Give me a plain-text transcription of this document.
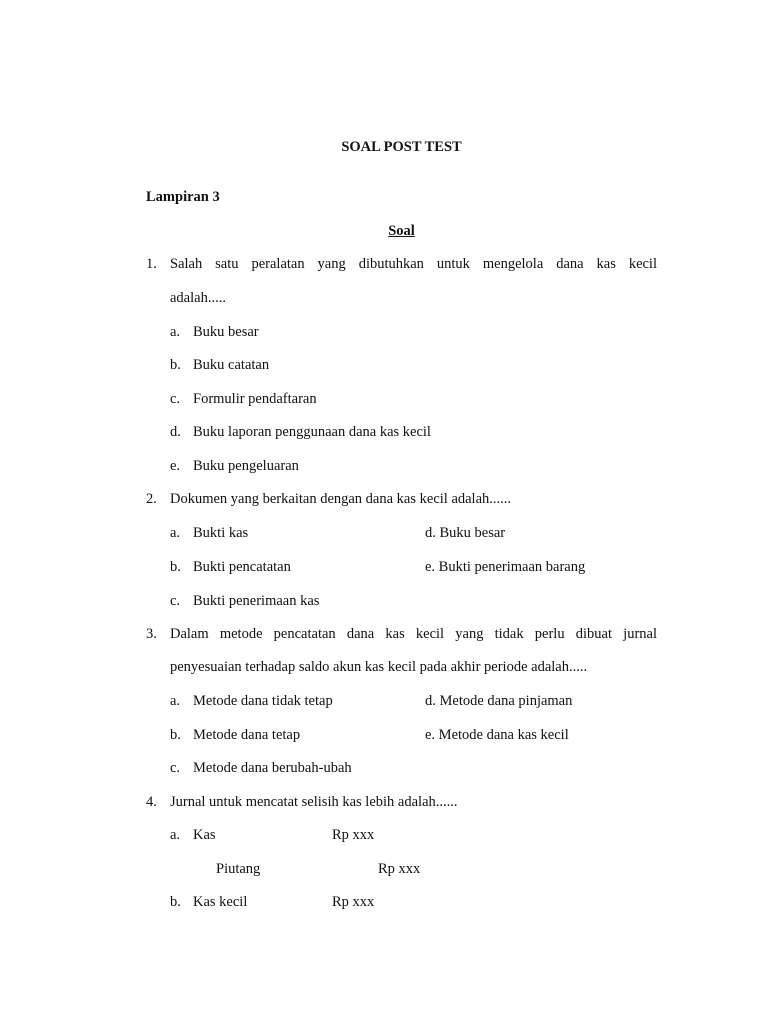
SOAL POST TEST
Lampiran 3
Soal
1. Salah satu peralatan yang dibutuhkan untuk mengelola dana kas kecil
adalah.....
a. Buku besar
b. Buku catatan
c. Formulir pendaftaran
d. Buku laporan penggunaan dana kas kecil
e. Buku pengeluaran
2. Dokumen yang berkaitan dengan dana kas kecil adalah......
a. Bukti kas	d. Buku besar
b. Bukti pencatatan	e. Bukti penerimaan barang
c. Bukti penerimaan kas
3. Dalam metode pencatatan dana kas kecil yang tidak perlu dibuat jurnal
penyesuaian terhadap saldo akun kas kecil pada akhir periode adalah.....
a. Metode dana tidak tetap	d. Metode dana pinjaman
b. Metode dana tetap	e. Metode dana kas kecil
c. Metode dana berubah-ubah
4. Jurnal untuk mencatat selisih kas lebih adalah......
a. Kas	Rp xxx
Piutang	Rp xxx
b. Kas kecil	Rp xxx
